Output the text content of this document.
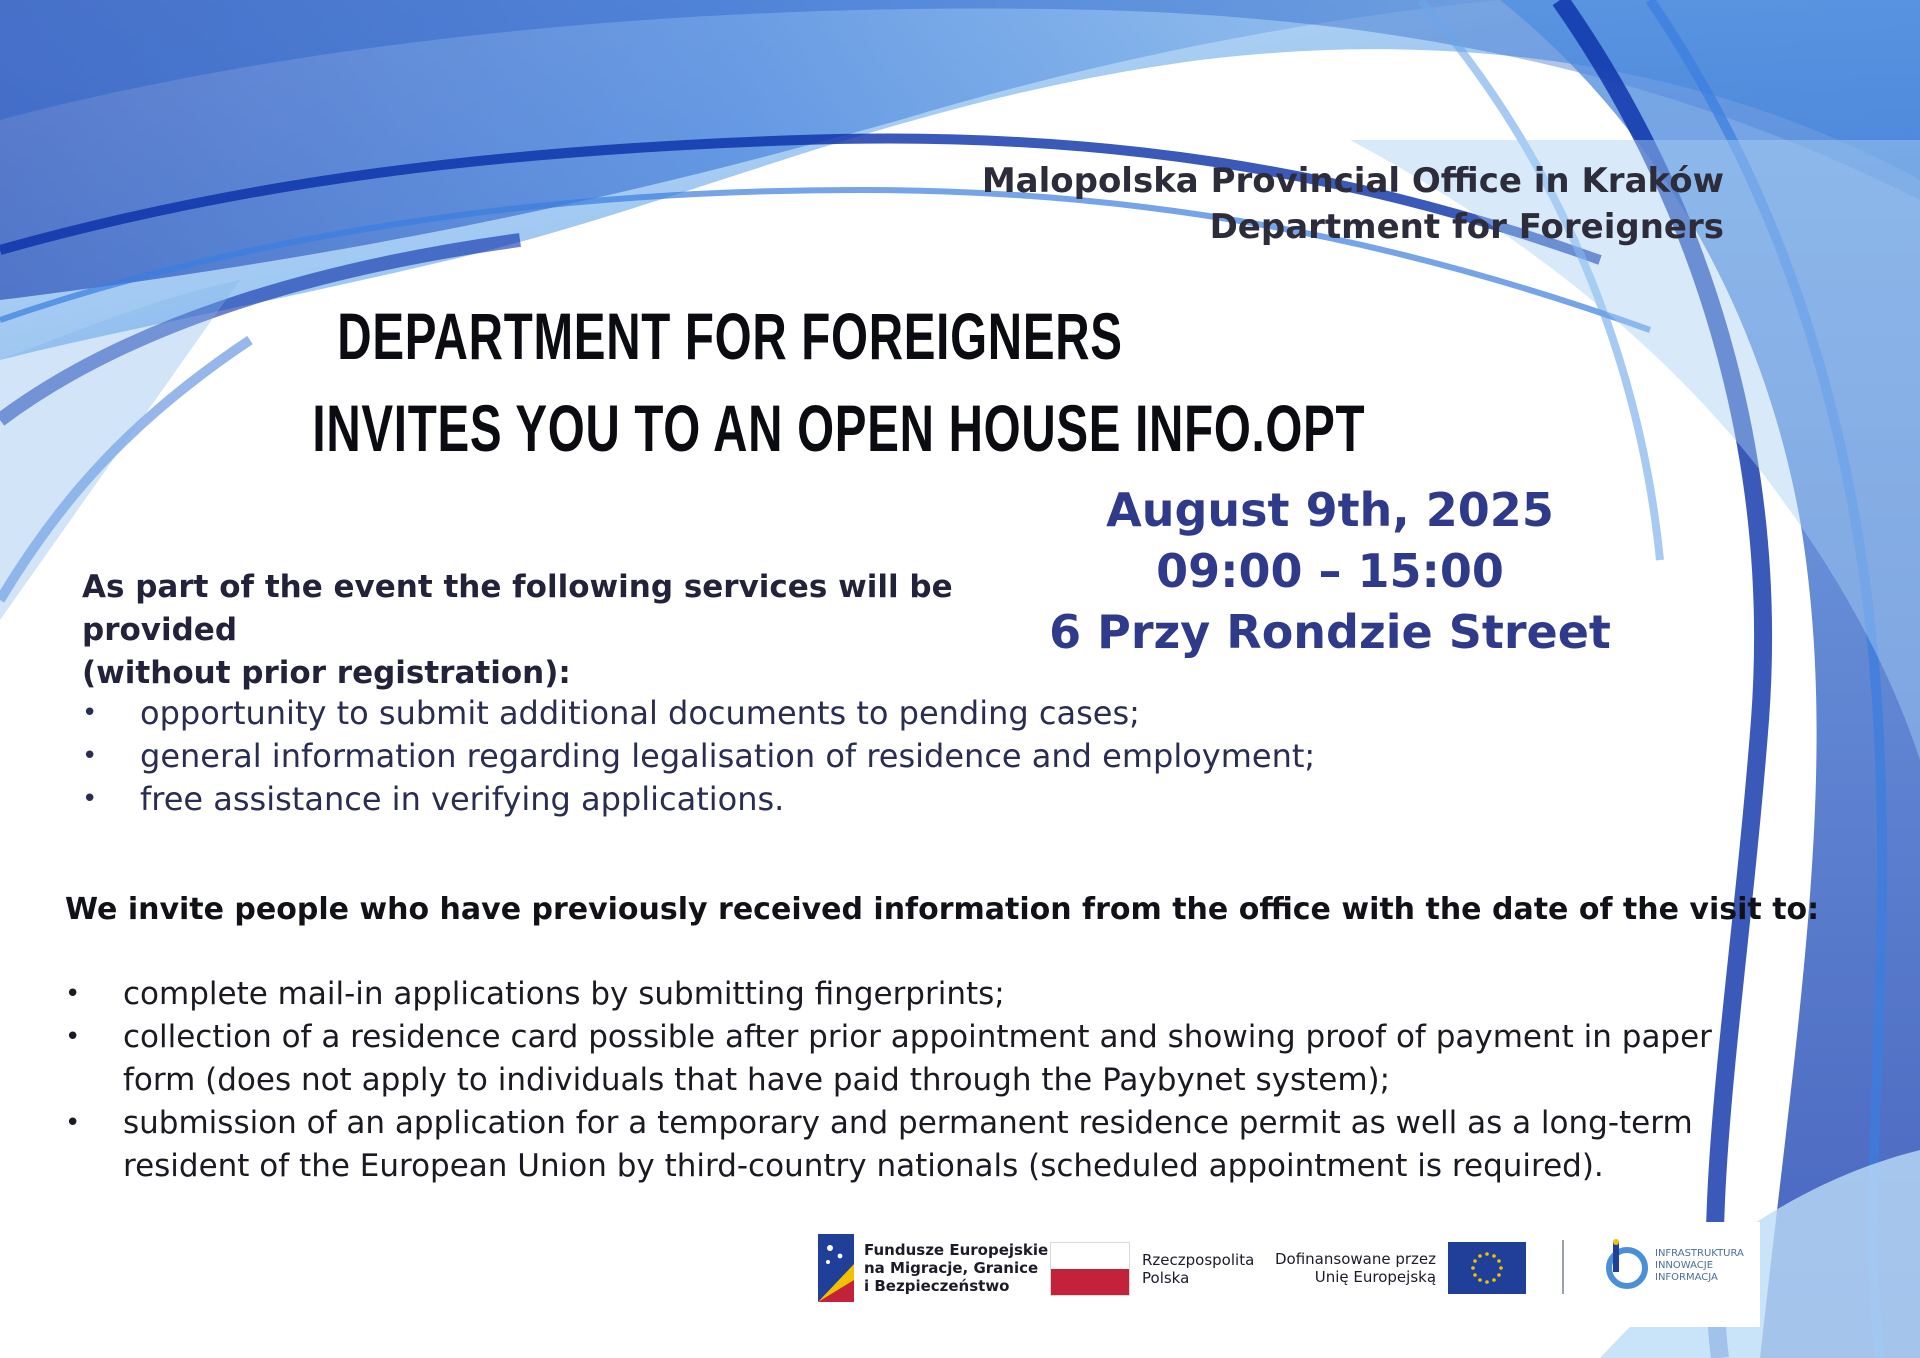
Malopolska Provincial Office in Kraków
Department for Foreigners
DEPARTMENT FOR FOREIGNERS
INVITES YOU TO AN OPEN HOUSE INFO.OPT
August 9th, 2025
09:00 – 15:00
6 Przy Rondzie Street
As part of the event the following services will be provided
(without prior registration):
• opportunity to submit additional documents to pending cases;
• general information regarding legalisation of residence and employment;
• free assistance in verifying applications.
We invite people who have previously received information from the office with the date of the visit to:
• complete mail-in applications by submitting fingerprints;
• collection of a residence card possible after prior appointment and showing proof of payment in paper form (does not apply to individuals that have paid through the Paybynet system);
• submission of an application for a temporary and permanent residence permit as well as a long-term resident of the European Union by third-country nationals (scheduled appointment is required).
Fundusze Europejskie
na Migracje, Granice
i Bezpieczeństwo
Rzeczpospolita
Polska
Dofinansowane przez
Unię Europejską
INFRASTRUKTURA
INNOWACJE
INFORMACJA
